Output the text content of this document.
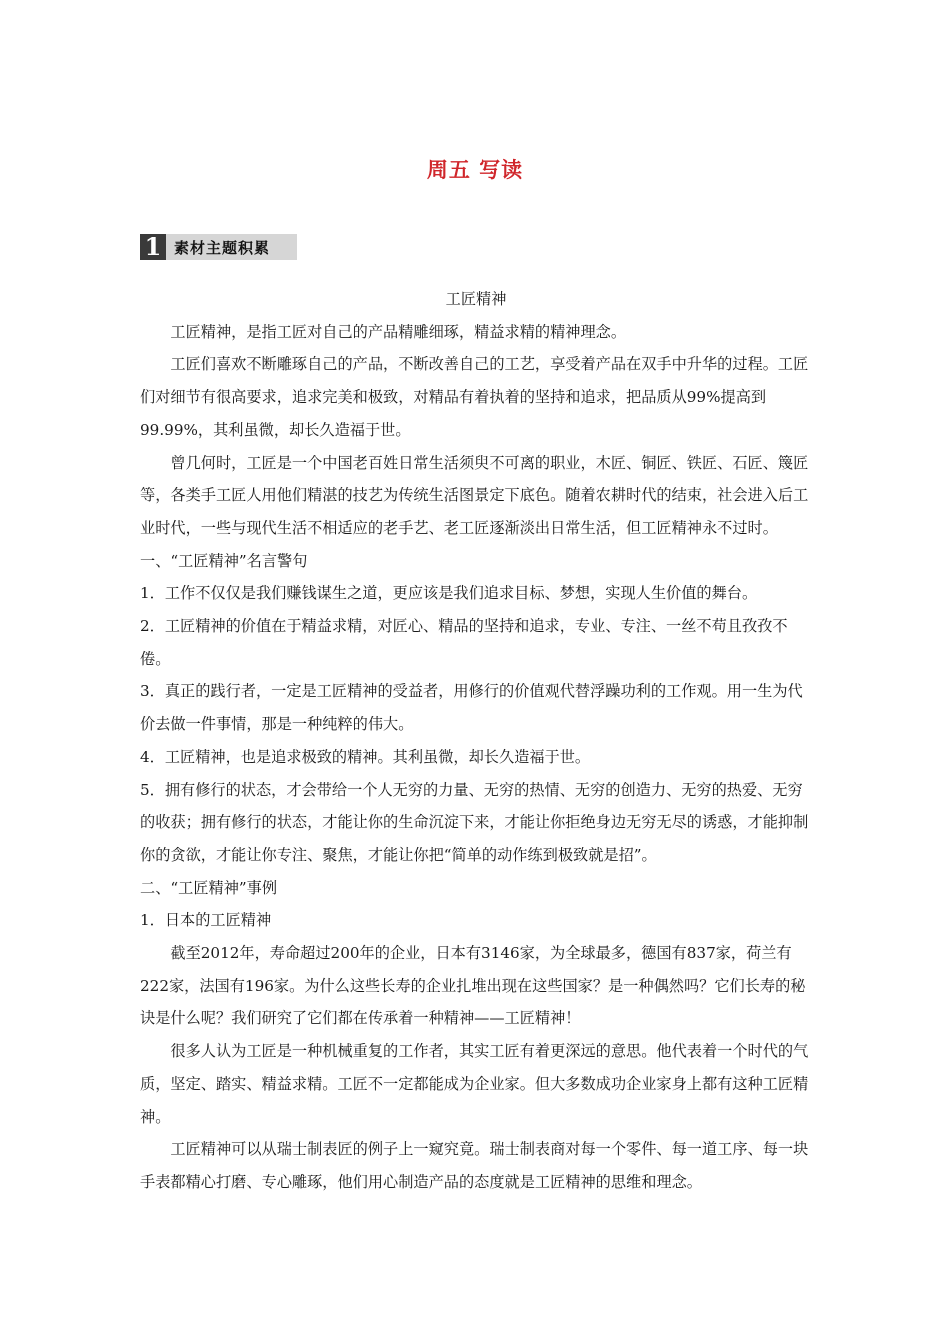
周五 写读
1 素材主题积累

工匠精神

工匠精神，是指工匠对自己的产品精雕细琢，精益求精的精神理念。

工匠们喜欢不断雕琢自己的产品，不断改善自己的工艺，享受着产品在双手中升华的过程。工匠们对细节有很高要求，追求完美和极致，对精品有着执着的坚持和追求，把品质从99%提高到99.99%，其利虽微，却长久造福于世。

曾几何时，工匠是一个中国老百姓日常生活须臾不可离的职业，木匠、铜匠、铁匠、石匠、篾匠等，各类手工匠人用他们精湛的技艺为传统生活图景定下底色。随着农耕时代的结束，社会进入后工业时代，一些与现代生活不相适应的老手艺、老工匠逐渐淡出日常生活，但工匠精神永不过时。

一、“工匠精神”名言警句

1．工作不仅仅是我们赚钱谋生之道，更应该是我们追求目标、梦想，实现人生价值的舞台。

2．工匠精神的价值在于精益求精，对匠心、精品的坚持和追求，专业、专注、一丝不苟且孜孜不倦。

3．真正的践行者，一定是工匠精神的受益者，用修行的价值观代替浮躁功利的工作观。用一生为代价去做一件事情，那是一种纯粹的伟大。

4．工匠精神，也是追求极致的精神。其利虽微，却长久造福于世。

5．拥有修行的状态，才会带给一个人无穷的力量、无穷的热情、无穷的创造力、无穷的热爱、无穷的收获；拥有修行的状态，才能让你的生命沉淀下来，才能让你拒绝身边无穷无尽的诱惑，才能抑制你的贪欲，才能让你专注、聚焦，才能让你把“简单的动作练到极致就是招”。

二、“工匠精神”事例

1．日本的工匠精神

截至2012年，寿命超过200年的企业，日本有3146家，为全球最多，德国有837家，荷兰有222家，法国有196家。为什么这些长寿的企业扎堆出现在这些国家？是一种偶然吗？它们长寿的秘诀是什么呢？我们研究了它们都在传承着一种精神——工匠精神！

很多人认为工匠是一种机械重复的工作者，其实工匠有着更深远的意思。他代表着一个时代的气质，坚定、踏实、精益求精。工匠不一定都能成为企业家。但大多数成功企业家身上都有这种工匠精神。

工匠精神可以从瑞士制表匠的例子上一窥究竟。瑞士制表商对每一个零件、每一道工序、每一块手表都精心打磨、专心雕琢，他们用心制造产品的态度就是工匠精神的思维和理念。
